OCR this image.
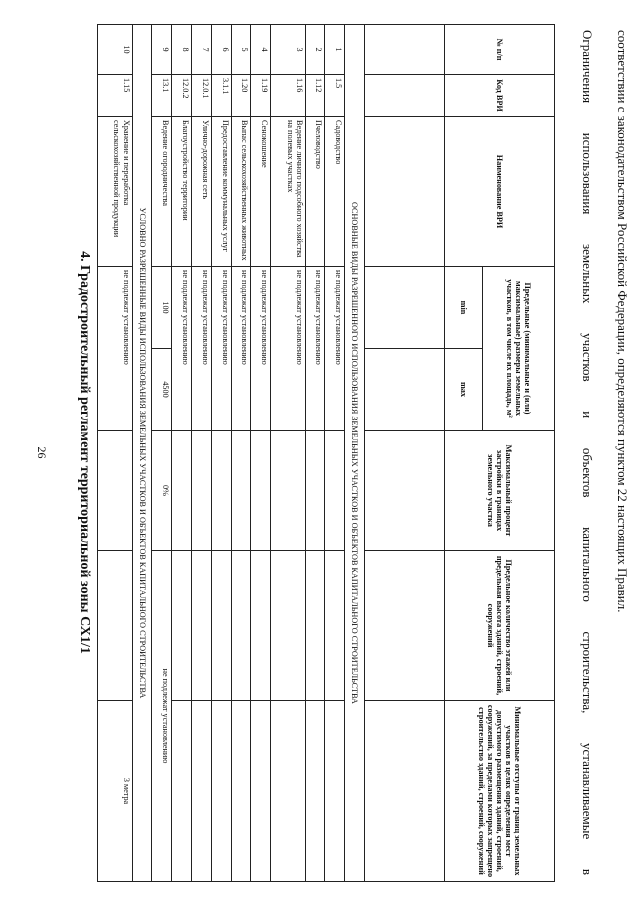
26 4. Градостроительный регламент территориальной зоны СХ1/1
№ п/п	Код ВРИ	Наименование ВРИ	Предельные (минимальные и (или) максимальные) размеры земельных участков, в том числе их площадь, м²		Максимальный процент застройки в границах земельного участка	Предельное количество этажей или предельная высота зданий, строений, сооружений	Минимальные отступы от границ земельных участков в целях определения мест допустимого размещения зданий, строений, сооружений, за пределами которых запрещено строительство зданий, строений, сооружений
			min	max			

ОСНОВНЫЕ ВИДЫ РАЗРЕШЕННОГО ИСПОЛЬЗОВАНИЯ ЗЕМЕЛЬНЫХ УЧАСТКОВ И ОБЪЕКТОВ КАПИТАЛЬНОГО СТРОИТЕЛЬСТВА							
1	1.5	Садоводство	не подлежат установлению				
2	1.12	Пчеловодство	не подлежат установлению				
3	1.16	Ведение личного подсобного хозяйства на полевых участках	не подлежат установлению				
4	1.19	Сенокошение	не подлежат установлению				
5	1.20	Выпас сельскохозяйственных животных	не подлежат установлению				
6	3.1.1	Предоставление коммунальных услуг	не подлежат установлению				
7	12.0.1	Улично-дорожная сеть	не подлежат установлению				
8	12.0.2	Благоустройство территории	не подлежат установлению				
9	13.1	Ведение огородничества	100	4500	0%	не подлежат установлению	
УСЛОВНО РАЗРЕШЕННЫЕ ВИДЫ ИСПОЛЬЗОВАНИЯ ЗЕМЕЛЬНЫХ УЧАСТКОВ И ОБЪЕКТОВ КАПИТАЛЬНОГО СТРОИТЕЛЬСТВА							
10	1.15	Хранение и переработка сельскохозяйственной продукции	не подлежат установлению				3 метра	Ограничения использования земельных участков и объектов капитального строительства, устанавливаемые в соответствии с законодательством Российской Федерации, определяются пунктом 22 настоящих Правил.
